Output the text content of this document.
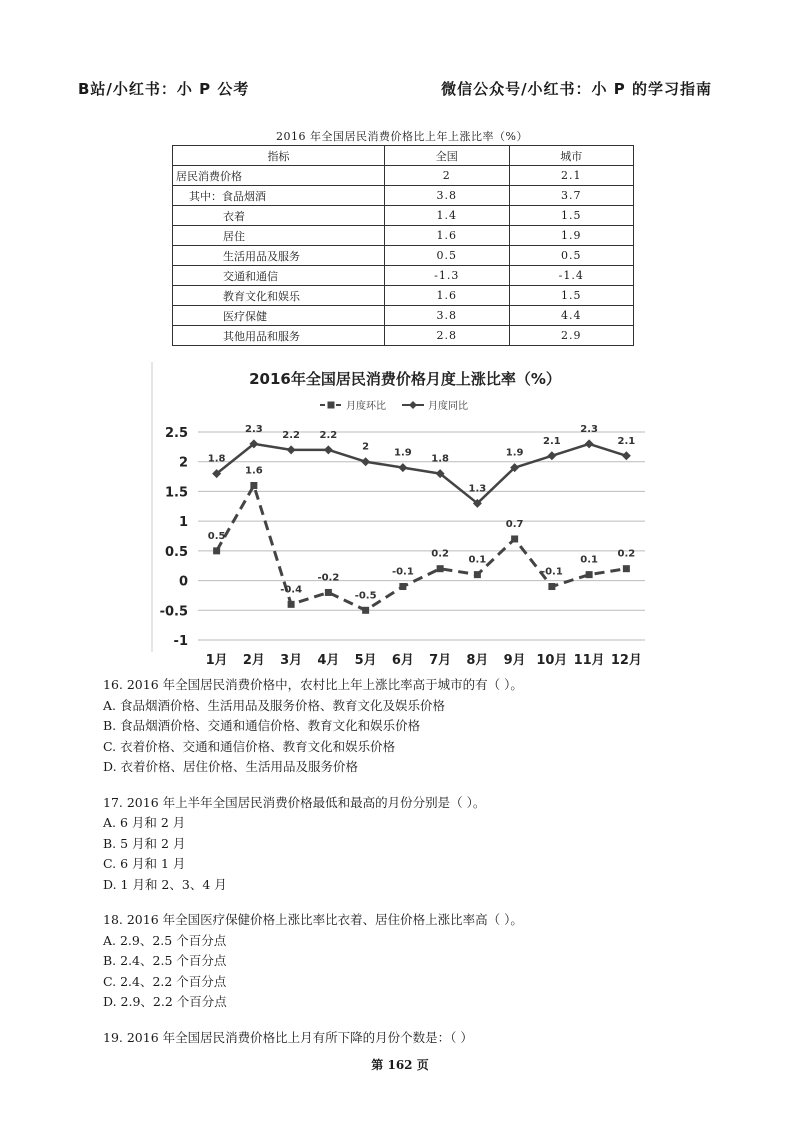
B站/小红书：小 P 公考	微信公众号/小红书：小 P 的学习指南
2016 年全国居民消费价格比上年上涨比率（%）
指标	全国	城市
居民消费价格	2	2.1
其中：食品烟酒	3.8	3.7
衣着	1.4	1.5
居住	1.6	1.9
生活用品及服务	0.5	0.5
交通和通信	-1.3	-1.4
教育文化和娱乐	1.6	1.5
医疗保健	3.8	4.4
其他用品和服务	2.8	2.9
2016年全国居民消费价格月度上涨比率（%）
月度环比	月度同比
2.5
2
1.5
1
0.5
0
-0.5
-1
1月 2月 3月 4月 5月 6月 7月 8月 9月 10月 11月 12月
0.5
1.6
-0.4
-0.2
-0.5
-0.1
0.2
0.1
0.7
-0.1
0.1
0.2
1.8
2.3
2.2 2.2
2
1.9
1.8
1.3
1.9
2.1
2.3
2.1

16. 2016 年全国居民消费价格中，农村比上年上涨比率高于城市的有（ ）。

A. 食品烟酒价格、生活用品及服务价格、教育文化及娱乐价格

B. 食品烟酒价格、交通和通信价格、教育文化和娱乐价格

C. 衣着价格、交通和通信价格、教育文化和娱乐价格

D. 衣着价格、居住价格、生活用品及服务价格

17. 2016 年上半年全国居民消费价格最低和最高的月份分别是（ ）。

A. 6 月和 2 月

B. 5 月和 2 月

C. 6 月和 1 月

D. 1 月和 2、3、4 月

18. 2016 年全国医疗保健价格上涨比率比衣着、居住价格上涨比率高（ ）。

A. 2.9、2.5 个百分点

B. 2.4、2.5 个百分点

C. 2.4、2.2 个百分点

D. 2.9、2.2 个百分点

19. 2016 年全国居民消费价格比上月有所下降的月份个数是：（ ）

第 162 页
